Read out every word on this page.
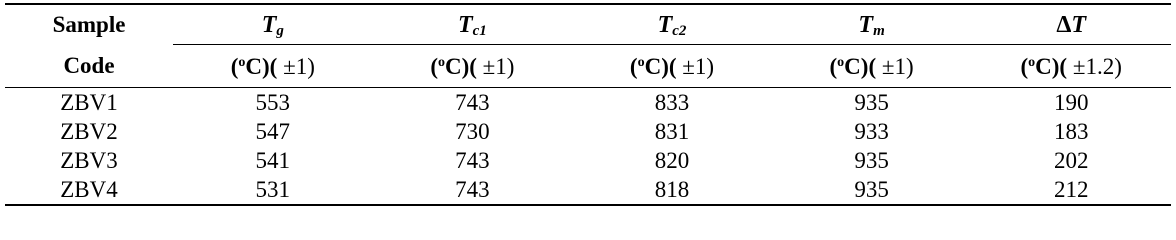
Sample	$T_g$	$T_{c1}$	$T_{c2}$	$T_m$	ΔT
Code	($^o$C)( ±1)	($^o$C)( ±1)	($^o$C)( ±1)	($^o$C)( ±1)	($^o$C)( ±1.2)
ZBV1	553	743	833	935	190
ZBV2	547	730	831	933	183
ZBV3	541	743	820	935	202
ZBV4	531	743	818	935	212
